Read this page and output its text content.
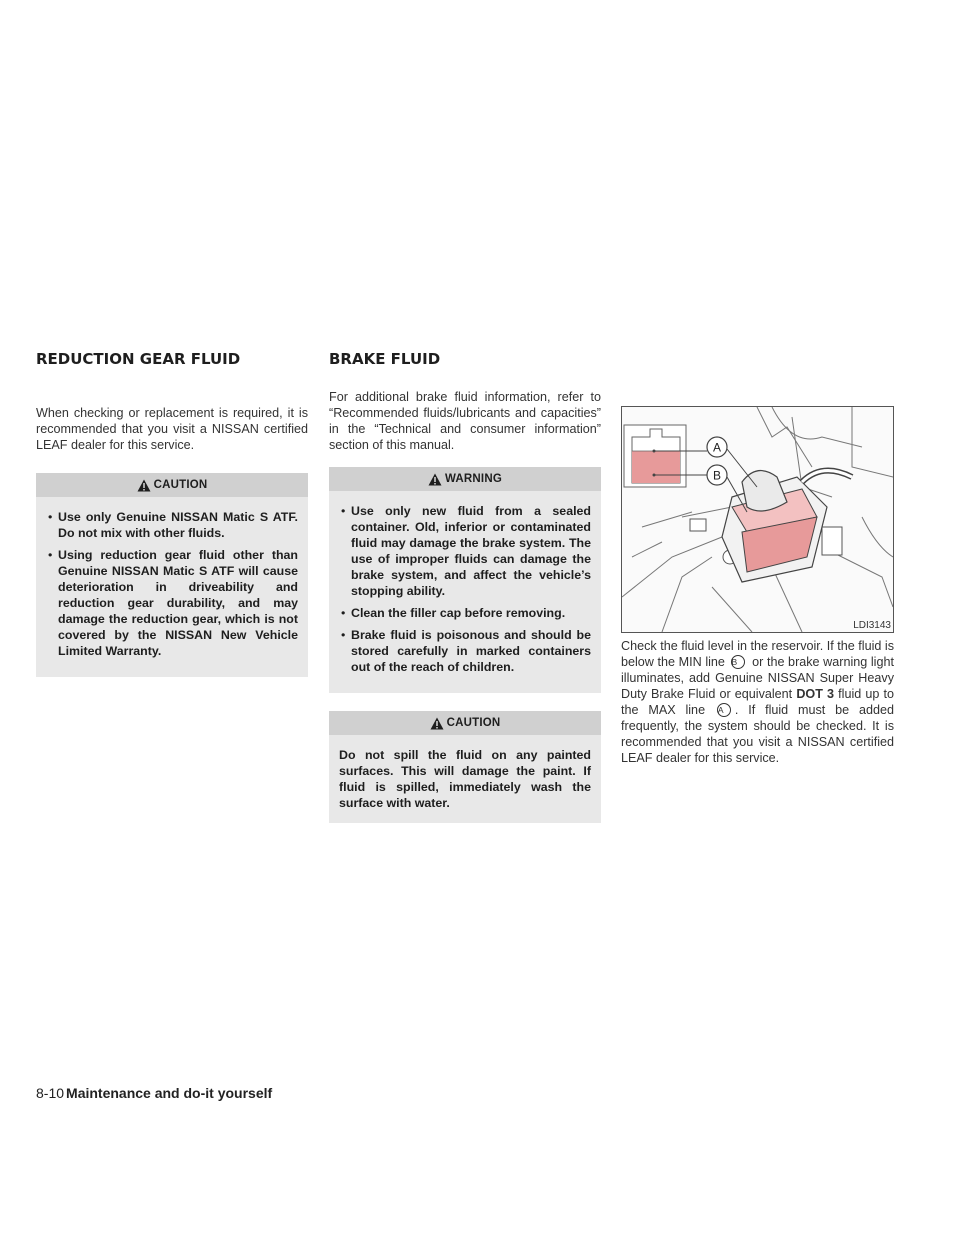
REDUCTION GEAR FLUID

When checking or replacement is required, it is recommended that you visit a NISSAN certified LEAF dealer for this service.

CAUTION
• Use only Genuine NISSAN Matic S ATF. Do not mix with other fluids.
• Using reduction gear fluid other than Genuine NISSAN Matic S ATF will cause deterioration in driveability and reduction gear durability, and may damage the reduction gear, which is not covered by the NISSAN New Vehicle Limited Warranty.
BRAKE FLUID

For additional brake fluid information, refer to “Recommended fluids/lubricants and capacities” in the “Technical and consumer information” section of this manual.

WARNING
• Use only new fluid from a sealed container. Old, inferior or contaminated fluid may damage the brake system. The use of improper fluids can damage the brake system, and affect the vehicle’s stopping ability.
• Clean the filler cap before removing.
• Brake fluid is poisonous and should be stored carefully in marked containers out of the reach of children.
CAUTION

Do not spill the fluid on any painted surfaces. This will damage the paint. If fluid is spilled, immediately wash the surface with water.

A
B
LDI3143

Check the fluid level in the reservoir. If the fluid is below the MIN line B or the brake warning light illuminates, add Genuine NISSAN Super Heavy Duty Brake Fluid or equivalent DOT 3 fluid up to the MAX line A . If fluid must be added frequently, the system should be checked. It is recommended that you visit a NISSAN certified LEAF dealer for this service.

8-10 Maintenance and do-it yourself
